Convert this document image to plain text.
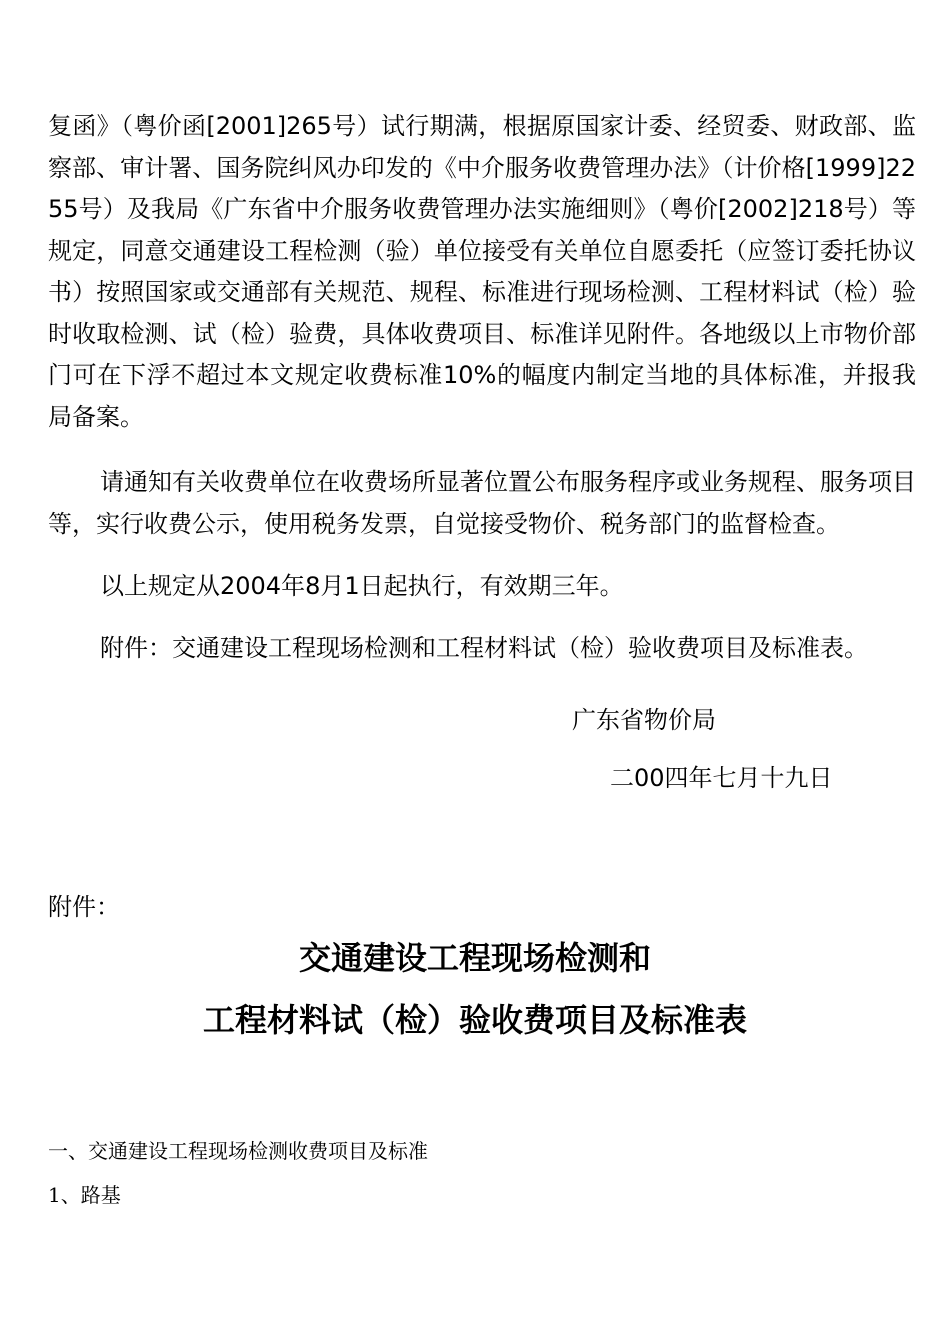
复函》（粤价函[2001]265号）试行期满，根据原国家计委、经贸委、财政部、监察部、审计署、国务院纠风办印发的《中介服务收费管理办法》（计价格[1999]2255号）及我局《广东省中介服务收费管理办法实施细则》（粤价[2002]218号）等规定，同意交通建设工程检测（验）单位接受有关单位自愿委托（应签订委托协议书）按照国家或交通部有关规范、规程、标准进行现场检测、工程材料试（检）验时收取检测、试（检）验费，具体收费项目、标准详见附件。各地级以上市物价部门可在下浮不超过本文规定收费标准10%的幅度内制定当地的具体标准，并报我局备案。

请通知有关收费单位在收费场所显著位置公布服务程序或业务规程、服务项目等，实行收费公示，使用税务发票，自觉接受物价、税务部门的监督检查。

以上规定从2004年8月1日起执行，有效期三年。

附件：交通建设工程现场检测和工程材料试（检）验收费项目及标准表。

广东省物价局

二00四年七月十九日

附件：

交通建设工程现场检测和
工程材料试（检）验收费项目及标准表

一、交通建设工程现场检测收费项目及标准

1、路基
